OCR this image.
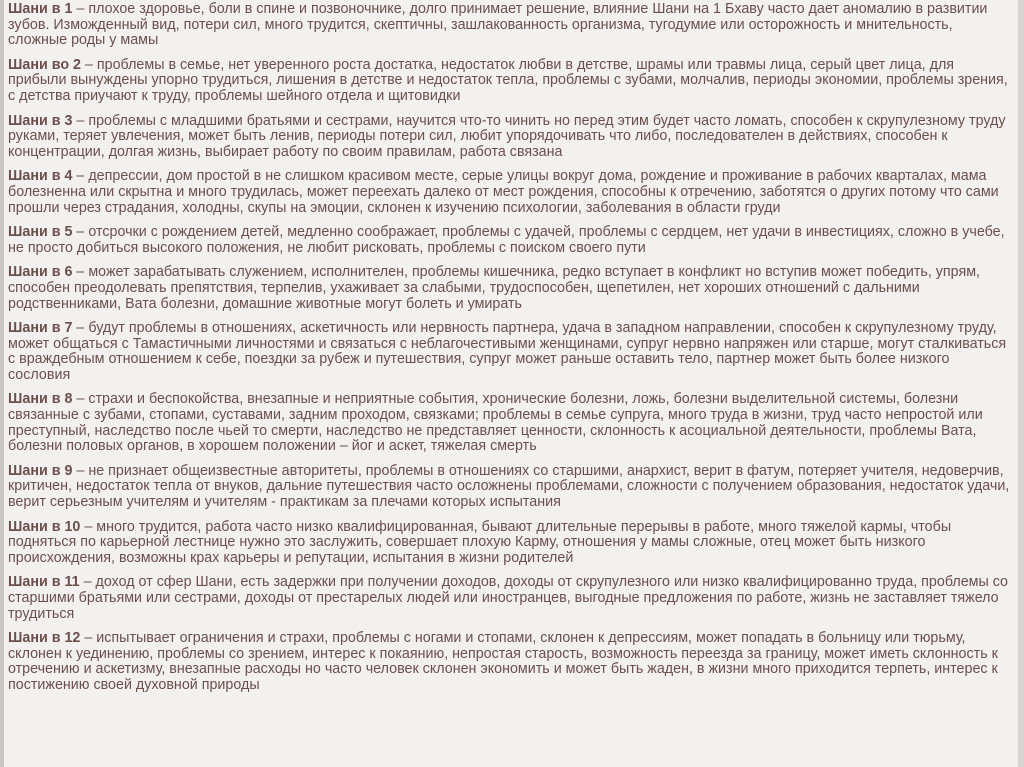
Шани в 1 – плохое здоровье, боли в спине и позвоночнике, долго принимает решение, влияние Шани на 1 Бхаву часто дает аномалию в развитии зубов. Изможденный вид, потери сил, много трудится, скептичны, зашлакованность организма, тугодумие или осторожность и мнительность, сложные роды у мамы

Шани во 2 – проблемы в семье, нет уверенного роста достатка, недостаток любви в детстве, шрамы или травмы лица, серый цвет лица, для прибыли вынуждены упорно трудиться, лишения в детстве и недостаток тепла, проблемы с зубами, молчалив, периоды экономии, проблемы зрения, с детства приучают к труду, проблемы шейного отдела и щитовидки

Шани в 3 – проблемы с младшими братьями и сестрами, научится что-то чинить но перед этим будет часто ломать, способен к скрупулезному труду руками, теряет увлечения, может быть ленив, периоды потери сил, любит упорядочивать что либо, последователен в действиях, способен к концентрации, долгая жизнь, выбирает работу по своим правилам, работа связана

Шани в 4 – депрессии, дом простой в не слишком красивом месте, серые улицы вокруг дома, рождение и проживание в рабочих кварталах, мама болезненна или скрытна и много трудилась, может переехать далеко от мест рождения, способны к отречению, заботятся о других потому что сами прошли через страдания, холодны, скупы на эмоции, склонен к изучению психологии, заболевания в области груди

Шани в 5 – отсрочки с рождением детей, медленно соображает, проблемы с удачей, проблемы с сердцем, нет удачи в инвестициях, сложно в учебе, не просто добиться высокого положения, не любит рисковать, проблемы с поиском своего пути

Шани в 6 – может зарабатывать служением, исполнителен, проблемы кишечника, редко вступает в конфликт но вступив может победить, упрям, способен преодолевать препятствия, терпелив, ухаживает за слабыми, трудоспособен, щепетилен, нет хороших отношений с дальними родственниками, Вата болезни, домашние животные могут болеть и умирать

Шани в 7 – будут проблемы в отношениях, аскетичность или нервность партнера, удача в западном направлении, способен к скрупулезному труду, может общаться с Тамастичными личностями и связаться с неблагочестивыми женщинами, супруг нервно напряжен или старше, могут сталкиваться с враждебным отношением к себе, поездки за рубеж и путешествия, супруг может раньше оставить тело, партнер может быть более низкого сословия

Шани в 8 – страхи и беспокойства, внезапные и неприятные события, хронические болезни, ложь, болезни выделительной системы, болезни связанные с зубами, стопами, суставами, задним проходом, связками; проблемы в семье супруга, много труда в жизни, труд часто непростой или преступный, наследство после чьей то смерти, наследство не представляет ценности, склонность к асоциальной деятельности, проблемы Вата, болезни половых органов, в хорошем положении – йог и аскет, тяжелая смерть

Шани в 9 – не признает общеизвестные авторитеты, проблемы в отношениях со старшими, анархист, верит в фатум, потеряет учителя, недоверчив, критичен, недостаток тепла от внуков, дальние путешествия часто осложнены проблемами, сложности с получением образования, недостаток удачи, верит серьезным учителям и учителям - практикам за плечами которых испытания

Шани в 10 – много трудится, работа часто низко квалифицированная, бывают длительные перерывы в работе, много тяжелой кармы, чтобы подняться по карьерной лестнице нужно это заслужить, совершает плохую Карму, отношения у мамы сложные, отец может быть низкого происхождения, возможны крах карьеры и репутации, испытания в жизни родителей

Шани в 11 – доход от сфер Шани, есть задержки при получении доходов, доходы от скрупулезного или низко квалифицированно труда, проблемы со старшими братьями или сестрами, доходы от престарелых людей или иностранцев, выгодные предложения по работе, жизнь не заставляет тяжело трудиться

Шани в 12 – испытывает ограничения и страхи, проблемы с ногами и стопами, склонен к депрессиям, может попадать в больницу или тюрьму, склонен к уединению, проблемы со зрением, интерес к покаянию, непростая старость, возможность переезда за границу, может иметь склонность к отречению и аскетизму, внезапные расходы но часто человек склонен экономить и может быть жаден, в жизни много приходится терпеть, интерес к постижению своей духовной природы
